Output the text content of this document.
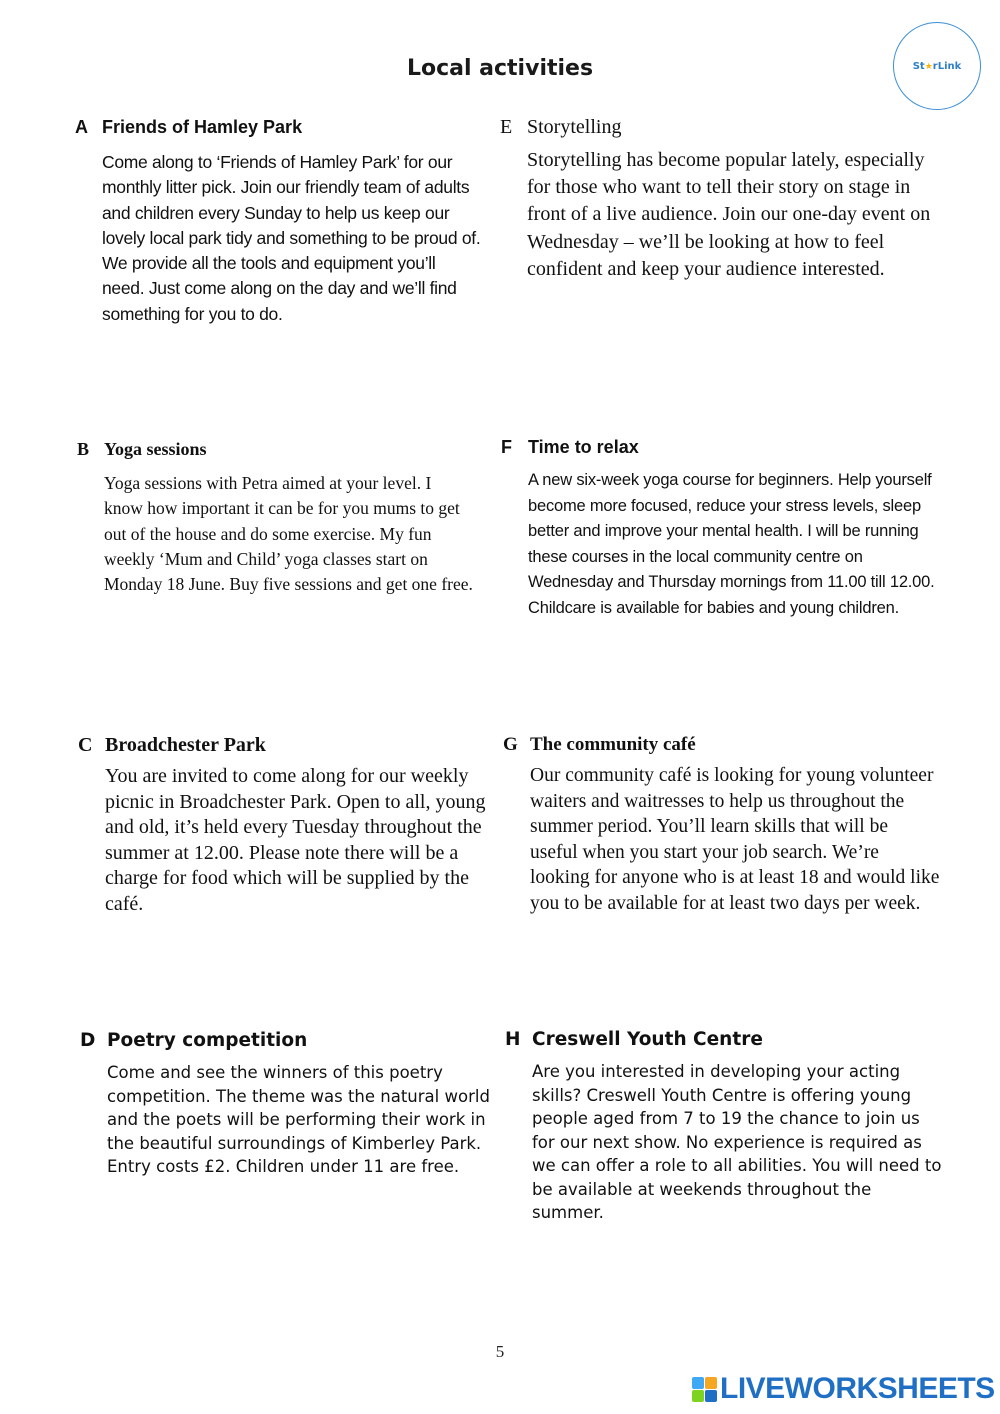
Local activities	St★rLink
A Friends of Hamley Park

Come along to ‘Friends of Hamley Park’ for our monthly litter pick. Join our friendly team of adults and children every Sunday to help us keep our lovely local park tidy and something to be proud of. We provide all the tools and equipment you’ll need. Just come along on the day and we’ll find something for you to do.

E Storytelling

Storytelling has become popular lately, especially for those who want to tell their story on stage in front of a live audience. Join our one-day event on Wednesday – we’ll be looking at how to feel confident and keep your audience interested.

B Yoga sessions

Yoga sessions with Petra aimed at your level. I know how important it can be for you mums to get out of the house and do some exercise. My fun weekly ‘Mum and Child’ yoga classes start on Monday 18 June. Buy five sessions and get one free.

F Time to relax

A new six-week yoga course for beginners. Help yourself become more focused, reduce your stress levels, sleep better and improve your mental health. I will be running these courses in the local community centre on Wednesday and Thursday mornings from 11.00 till 12.00. Childcare is available for babies and young children.

C Broadchester Park

You are invited to come along for our weekly picnic in Broadchester Park. Open to all, young and old, it’s held every Tuesday throughout the summer at 12.00. Please note there will be a charge for food which will be supplied by the café.

G The community café

Our community café is looking for young volunteer waiters and waitresses to help us throughout the summer period. You’ll learn skills that will be useful when you start your job search. We’re looking for anyone who is at least 18 and would like you to be available for at least two days per week.

D Poetry competition

Come and see the winners of this poetry competition. The theme was the natural world and the poets will be performing their work in the beautiful surroundings of Kimberley Park. Entry costs £2. Children under 11 are free.

H Creswell Youth Centre

Are you interested in developing your acting skills? Creswell Youth Centre is offering young people aged from 7 to 19 the chance to join us for our next show. No experience is required as we can offer a role to all abilities. You will need to be available at weekends throughout the summer.

5
LIVEWORKSHEETS
